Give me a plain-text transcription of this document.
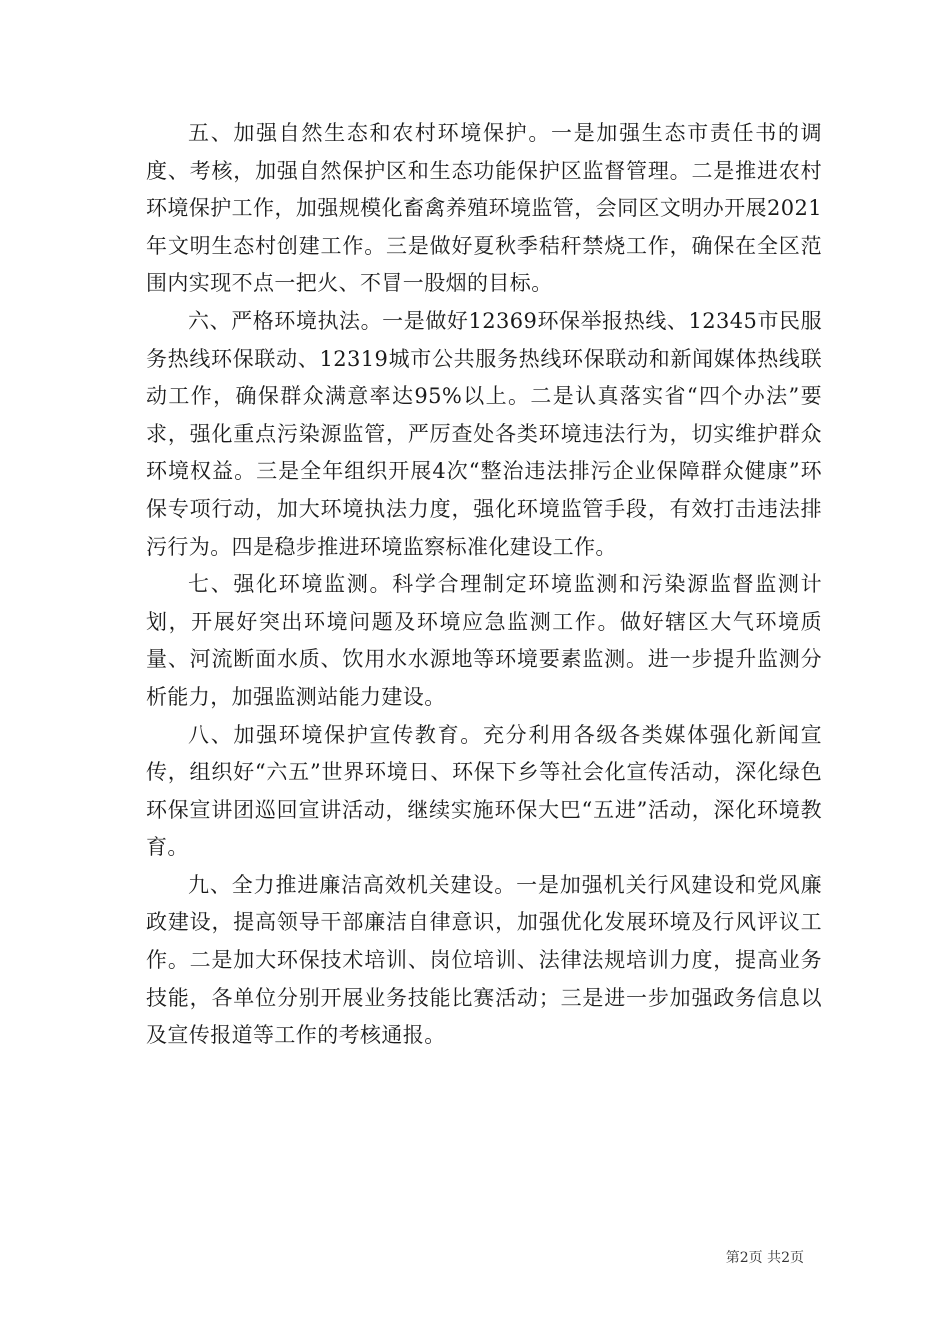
五、加强自然生态和农村环境保护。一是加强生态市责任书的调度、考核，加强自然保护区和生态功能保护区监督管理。二是推进农村环境保护工作，加强规模化畜禽养殖环境监管，会同区文明办开展2021年文明生态村创建工作。三是做好夏秋季秸秆禁烧工作，确保在全区范围内实现不点一把火、不冒一股烟的目标。

六、严格环境执法。一是做好12369环保举报热线、12345市民服务热线环保联动、12319城市公共服务热线环保联动和新闻媒体热线联动工作，确保群众满意率达95%以上。二是认真落实省“四个办法”要求，强化重点污染源监管，严厉查处各类环境违法行为，切实维护群众环境权益。三是全年组织开展4次“整治违法排污企业保障群众健康”环保专项行动，加大环境执法力度，强化环境监管手段，有效打击违法排污行为。四是稳步推进环境监察标准化建设工作。

七、强化环境监测。科学合理制定环境监测和污染源监督监测计划，开展好突出环境问题及环境应急监测工作。做好辖区大气环境质量、河流断面水质、饮用水水源地等环境要素监测。进一步提升监测分析能力，加强监测站能力建设。

八、加强环境保护宣传教育。充分利用各级各类媒体强化新闻宣传，组织好“六五”世界环境日、环保下乡等社会化宣传活动，深化绿色环保宣讲团巡回宣讲活动，继续实施环保大巴“五进”活动，深化环境教育。

九、全力推进廉洁高效机关建设。一是加强机关行风建设和党风廉政建设，提高领导干部廉洁自律意识，加强优化发展环境及行风评议工作。二是加大环保技术培训、岗位培训、法律法规培训力度，提高业务技能，各单位分别开展业务技能比赛活动；三是进一步加强政务信息以及宣传报道等工作的考核通报。

第2页 共2页
